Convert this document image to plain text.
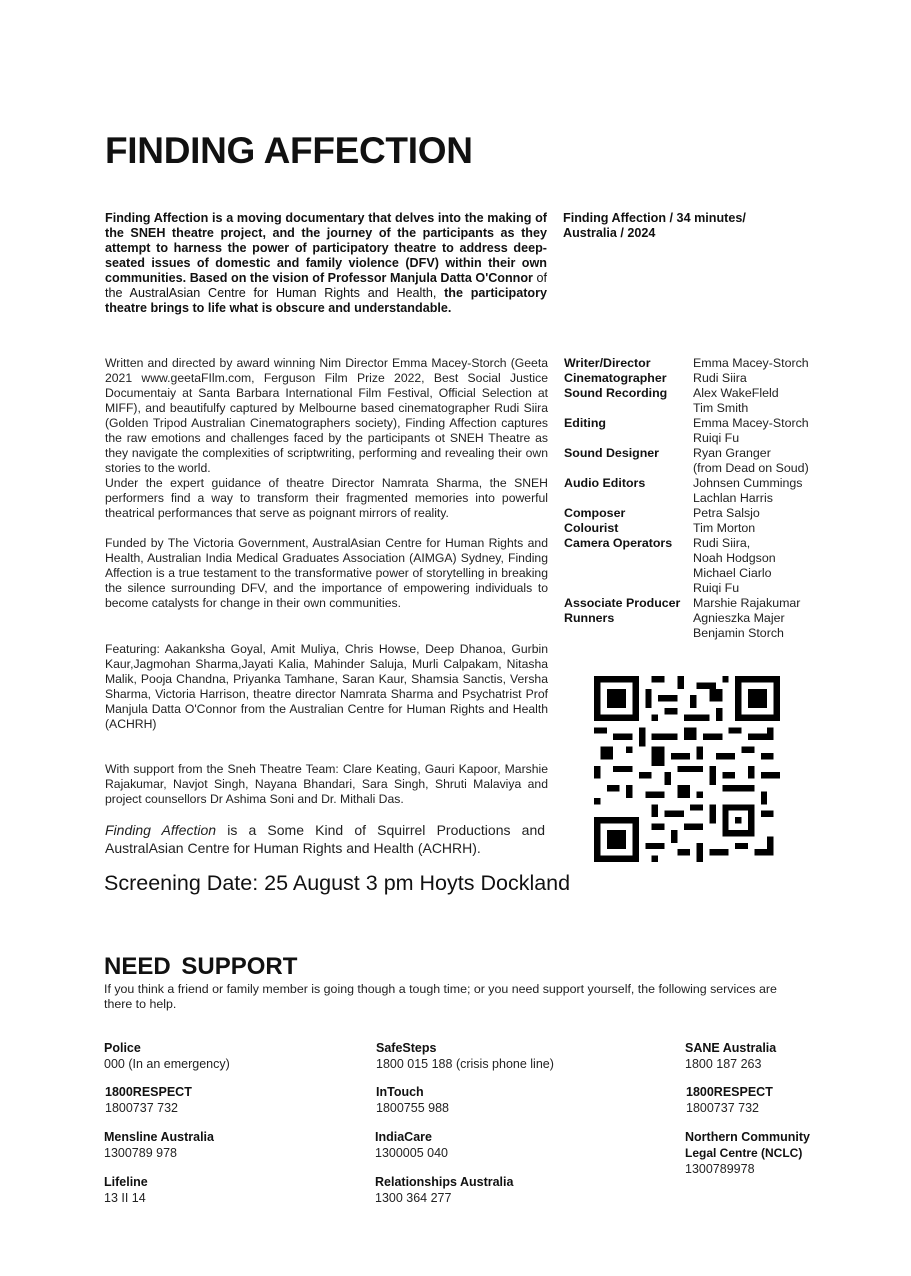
FINDING AFFECTION
Finding Affection is a moving documentary that delves into the making of the SNEH theatre project, and the journey of the participants as they attempt to harness the power of participatory theatre to address deep-seated issues of domestic and family violence (DFV) within their own communities. Based on the vision of Professor Manjula Datta O'Connor of the AustralAsian Centre for Human Rights and Health, the participatory theatre brings to life what is obscure and understandable.
Finding Affection / 34 minutes/ Australia / 2024
Written and directed by award winning Nim Director Emma Macey-Storch (Geeta 2021 www.geetaFIlm.com, Ferguson Film Prize 2022, Best Social Justice Documentaiy at Santa Barbara International Film Festival, Official Selection at MIFF), and beautifulfy captured by Melbourne based cinematographer Rudi Siira (Golden Tripod Australian Cinematographers society), Finding Affection captures the raw emotions and challenges faced by the participants ot SNEH Theatre as they navigate the complexities of scriptwriting, performing and revealing their own stories to the world.
Under the expert guidance of theatre Director Namrata Sharma, the SNEH performers find a way to transform their fragmented memories into powerful theatrical performances that serve as poignant mirrors of reality.
Funded by The Victoria Government, AustralAsian Centre for Human Rights and Health, Australian India Medical Graduates Association (AIMGA) Sydney, Finding Affection is a true testament to the transformative power of storytelling in breaking the silence surrounding DFV, and the importance of empowering individuals to become catalysts for change in their own communities.
Featuring: Aakanksha Goyal, Amit Muliya, Chris Howse, Deep Dhanoa, Gurbin Kaur,Jagmohan Sharma,Jayati Kalia, Mahinder Saluja, Murli Calpakam, Nitasha Malik, Pooja Chandna, Priyanka Tamhane, Saran Kaur, Shamsia Sanctis, Versha Sharma, Victoria Harrison, theatre director Namrata Sharma and Psychatrist Prof Manjula Datta O'Connor from the Australian Centre for Human Rights and Health (ACHRH)
With support from the Sneh Theatre Team: Clare Keating, Gauri Kapoor, Marshie Rajakumar, Navjot Singh, Nayana Bhandari, Sara Singh, Shruti Malaviya and project counsellors Dr Ashima Soni and Dr. Mithali Das.
Finding Affection is a Some Kind of Squirrel Productions and AustralAsian Centre for Human Rights and Health (ACHRH).
Writer/Director	Emma Macey-Storch
Cinematographer	Rudi Siira
Sound Recording	Alex WakeFleld
Tim Smith
Editing	Emma Macey-Storch
Ruiqi Fu
Sound Designer	Ryan Granger
(from Dead on Soud)
Audio Editors	Johnsen Cummings
Lachlan Harris
Composer	Petra Salsjo
Colourist	Tim Morton
Camera Operators	Rudi Siira,
Noah Hodgson
Michael Ciarlo
Ruiqi Fu
Associate Producer	Marshie Rajakumar
Runners	Agnieszka Majer
Benjamin Storch
Screening Date: 25 August 3 pm Hoyts Dockland
NEED SUPPORT
If you think a friend or family member is going though a tough time; or you need support yourself, the following services are there to help.
Police
000 (In an emergency)
SafeSteps
1800 015 188 (crisis phone line)
SANE Australia
1800 187 263
1800RESPECT
1800737 732
InTouch
1800755 988
1800RESPECT
1800737 732
Mensline Australia
1300789 978
IndiaCare
1300005 040
Northern Community
Legal Centre (NCLC)
1300789978
Lifeline
13 II 14
Relationships Australia
1300 364 277
